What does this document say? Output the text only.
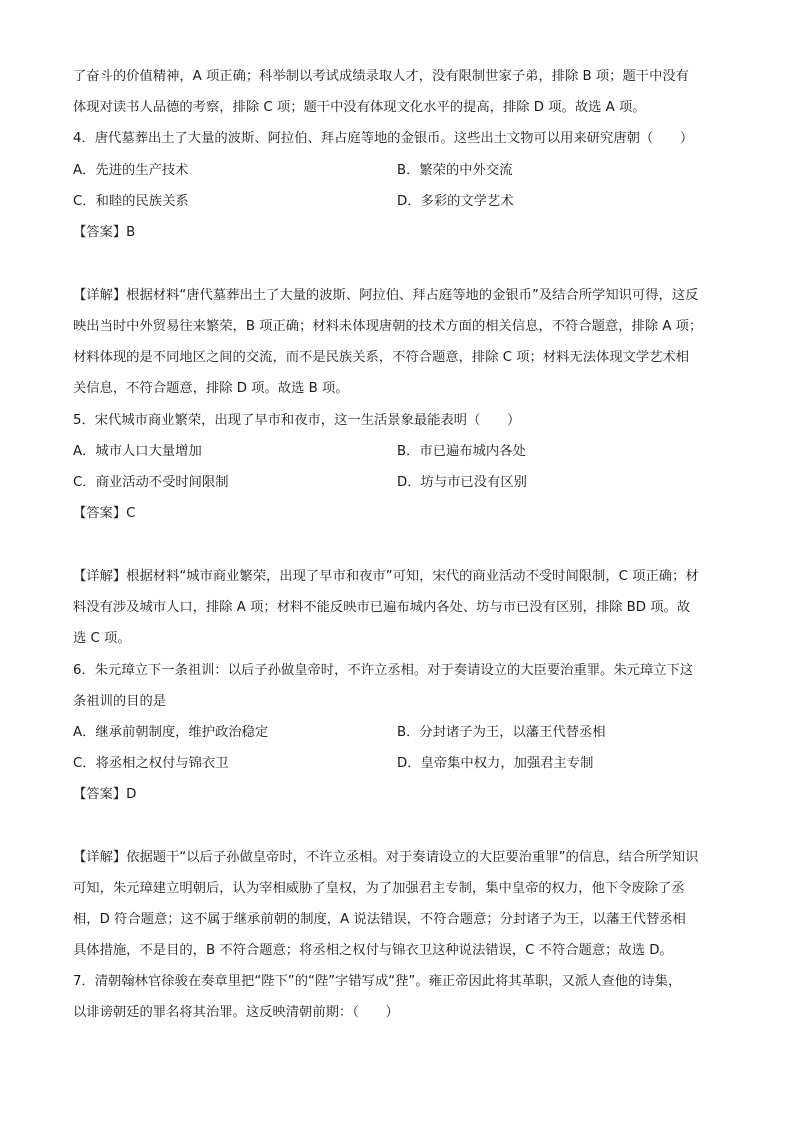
了奋斗的价值精神，A 项正确；科举制以考试成绩录取人才，没有限制世家子弟，排除 B 项；题干中没有
体现对读书人品德的考察，排除 C 项；题干中没有体现文化水平的提高，排除 D 项。故选 A 项。
4．唐代墓葬出土了大量的波斯、阿拉伯、拜占庭等地的金银币。这些出土文物可以用来研究唐朝（　　）
A．先进的生产技术	B．繁荣的中外交流
C．和睦的民族关系	D．多彩的文学艺术
【答案】B
【详解】根据材料“唐代墓葬出土了大量的波斯、阿拉伯、拜占庭等地的金银币”及结合所学知识可得，这反
映出当时中外贸易往来繁荣，B 项正确；材料未体现唐朝的技术方面的相关信息，不符合题意，排除 A 项；
材料体现的是不同地区之间的交流，而不是民族关系，不符合题意，排除 C 项；材料无法体现文学艺术相
关信息，不符合题意，排除 D 项。故选 B 项。
5．宋代城市商业繁荣，出现了早市和夜市，这一生活景象最能表明（　　）
A．城市人口大量增加	B．市已遍布城内各处
C．商业活动不受时间限制	D．坊与市已没有区别
【答案】C
【详解】根据材料“城市商业繁荣，出现了早市和夜市”可知，宋代的商业活动不受时间限制，C 项正确；材
料没有涉及城市人口，排除 A 项；材料不能反映市已遍布城内各处、坊与市已没有区别，排除 BD 项。故
选 C 项。
6．朱元璋立下一条祖训：以后子孙做皇帝时，不许立丞相。对于奏请设立的大臣要治重罪。朱元璋立下这
条祖训的目的是
A．继承前朝制度，维护政治稳定	B．分封诸子为王，以藩王代替丞相
C．将丞相之权付与锦衣卫	D．皇帝集中权力，加强君主专制
【答案】D
【详解】依据题干“以后子孙做皇帝时，不许立丞相。对于奏请设立的大臣要治重罪”的信息，结合所学知识
可知，朱元璋建立明朝后，认为宰相威胁了皇权，为了加强君主专制，集中皇帝的权力，他下令废除了丞
相，D 符合题意；这不属于继承前朝的制度，A 说法错误，不符合题意；分封诸子为王，以藩王代替丞相
具体措施，不是目的，B 不符合题意；将丞相之权付与锦衣卫这种说法错误，C 不符合题意；故选 D。
7．清朝翰林官徐骏在奏章里把“陛下”的“陛”字错写成“狴”。雍正帝因此将其革职，又派人查他的诗集，
以诽谤朝廷的罪名将其治罪。这反映清朝前期：（　　）
